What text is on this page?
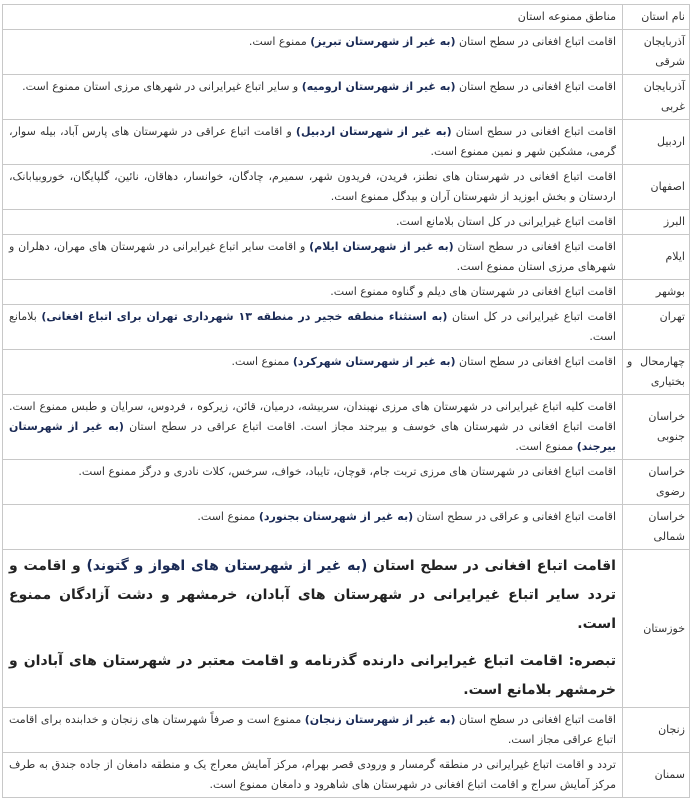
نام استان	مناطق ممنوعه استان
آذربایجان شرقی	اقامت اتباع افغانی در سطح استان (به غیر از شهرستان تبریز) ممنوع است.
آذربایجان غربی	اقامت اتباع افغانی در سطح استان (به غیر از شهرستان ارومیه) و سایر اتباع غیرایرانی در شهرهای مرزی استان ممنوع است.
اردبیل	اقامت اتباع افغانی در سطح استان (به غیر از شهرستان اردبیل) و اقامت اتباع عراقی در شهرستان های پارس آباد، بیله سوار، گرمی، مشکین شهر و نمین ممنوع است.
اصفهان	اقامت اتباع افغانی در شهرستان های نطنز، فریدن، فریدون شهر، سمیرم، چادگان، خوانسار، دهاقان، نائین، گلپایگان، خوروبیابانک، اردستان و بخش ابوزید از شهرستان آران و بیدگل ممنوع است.
البرز	اقامت اتباع غیرایرانی در کل استان بلامانع است.
ایلام	اقامت اتباع افغانی در سطح استان (به غیر از شهرستان ایلام) و اقامت سایر اتباع غیرایرانی در شهرستان های مهران، دهلران و شهرهای مرزی استان ممنوع است.
بوشهر	اقامت اتباع افغانی در شهرستان های دیلم و گناوه ممنوع است.
تهران	اقامت اتباع غیرایرانی در کل استان (به استثناء منطقه خجیر در منطقه ۱۳ شهرداری تهران برای اتباع افغانی) بلامانع است.
چهارمحال و بختیاری	اقامت اتباع افغانی در سطح استان (به غیر از شهرستان شهرکرد) ممنوع است.
خراسان جنوبی	اقامت کلیه اتباع غیرایرانی در شهرستان های مرزی نهبندان، سربیشه، درمیان، قائن، زیرکوه ، فردوس، سرایان و طبس ممنوع است. اقامت اتباع افغانی در شهرستان های خوسف و بیرجند مجاز است. اقامت اتباع عراقی در سطح استان (به غیر از شهرستان بیرجند) ممنوع است.
خراسان رضوی	اقامت اتباع افغانی در شهرستان های مرزی تربت جام، قوچان، تایباد، خواف، سرخس، کلات نادری و درگز ممنوع است.
خراسان شمالی	اقامت اتباع افغانی و عراقی در سطح استان (به غیر از شهرستان بجنورد) ممنوع است.
خوزستان	اقامت اتباع افغانی در سطح استان (به غیر از شهرستان های اهواز و گتوند) و اقامت و تردد سایر اتباع غیرایرانی در شهرستان های آبادان، خرمشهر و دشت آزادگان ممنوع است.
تبصره: اقامت اتباع غیرایرانی دارنده گذرنامه و اقامت معتبر در شهرستان های آبادان و خرمشهر بلامانع است.

زنجان	اقامت اتباع افغانی در سطح استان (به غیر از شهرستان زنجان) ممنوع است و صرفاً شهرستان های زنجان و خدابنده برای اقامت اتباع عراقی مجاز است.
سمنان	تردد و اقامت اتباع غیرایرانی در منطقه گرمسار و ورودی قصر بهرام، مرکز آمایش معراج یک و منطقه دامغان از جاده جندق به طرف مرکز آمایش سراج و اقامت اتباع افغانی در شهرستان های شاهرود و دامغان ممنوع است.
